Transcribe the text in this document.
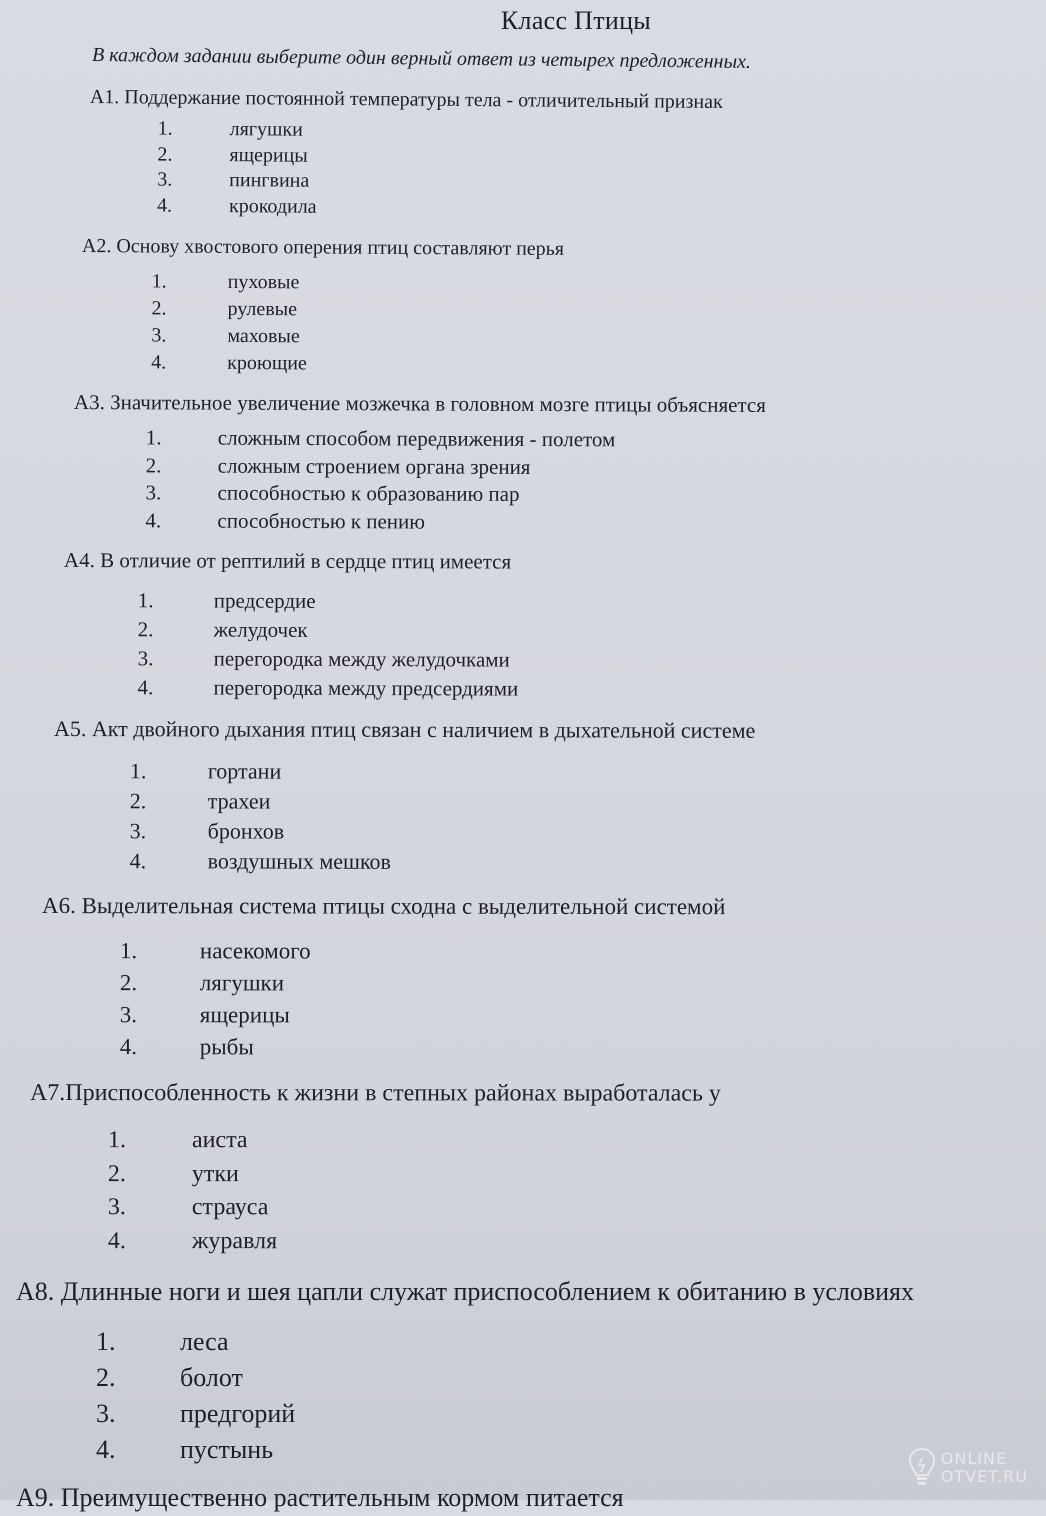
Класс Птицы
В каждом задании выберите один верный ответ из четырех предложенных.
А1. Поддержание постоянной температуры тела - отличительный признак
1.	лягушки
2.	ящерицы
3.	пингвина
4.	крокодила
А2. Основу хвостового оперения птиц составляют перья
1.	пуховые
2.	рулевые
3.	маховые
4.	кроющие
А3. Значительное увеличение мозжечка в головном мозге птицы объясняется
1.	сложным способом передвижения - полетом
2.	сложным строением органа зрения
3.	способностью к образованию пар
4.	способностью к пению
А4. В отличие от рептилий в сердце птиц имеется
1.	предсердие
2.	желудочек
3.	перегородка между желудочками
4.	перегородка между предсердиями
А5. Акт двойного дыхания птиц связан с наличием в дыхательной системе
1.	гортани
2.	трахеи
3.	бронхов
4.	воздушных мешков
А6. Выделительная система птицы сходна с выделительной системой
1.	насекомого
2.	лягушки
3.	ящерицы
4.	рыбы
А7.Приспособленность к жизни в степных районах выработалась у
1.	аиста
2.	утки
3.	страуса
4.	журавля
А8. Длинные ноги и шея цапли служат приспособлением к обитанию в условиях
1. леса
2. болот
3. предгорий
4. пустынь
А9. Преимущественно растительным кормом питается
ONLINE
OTVET.RU
